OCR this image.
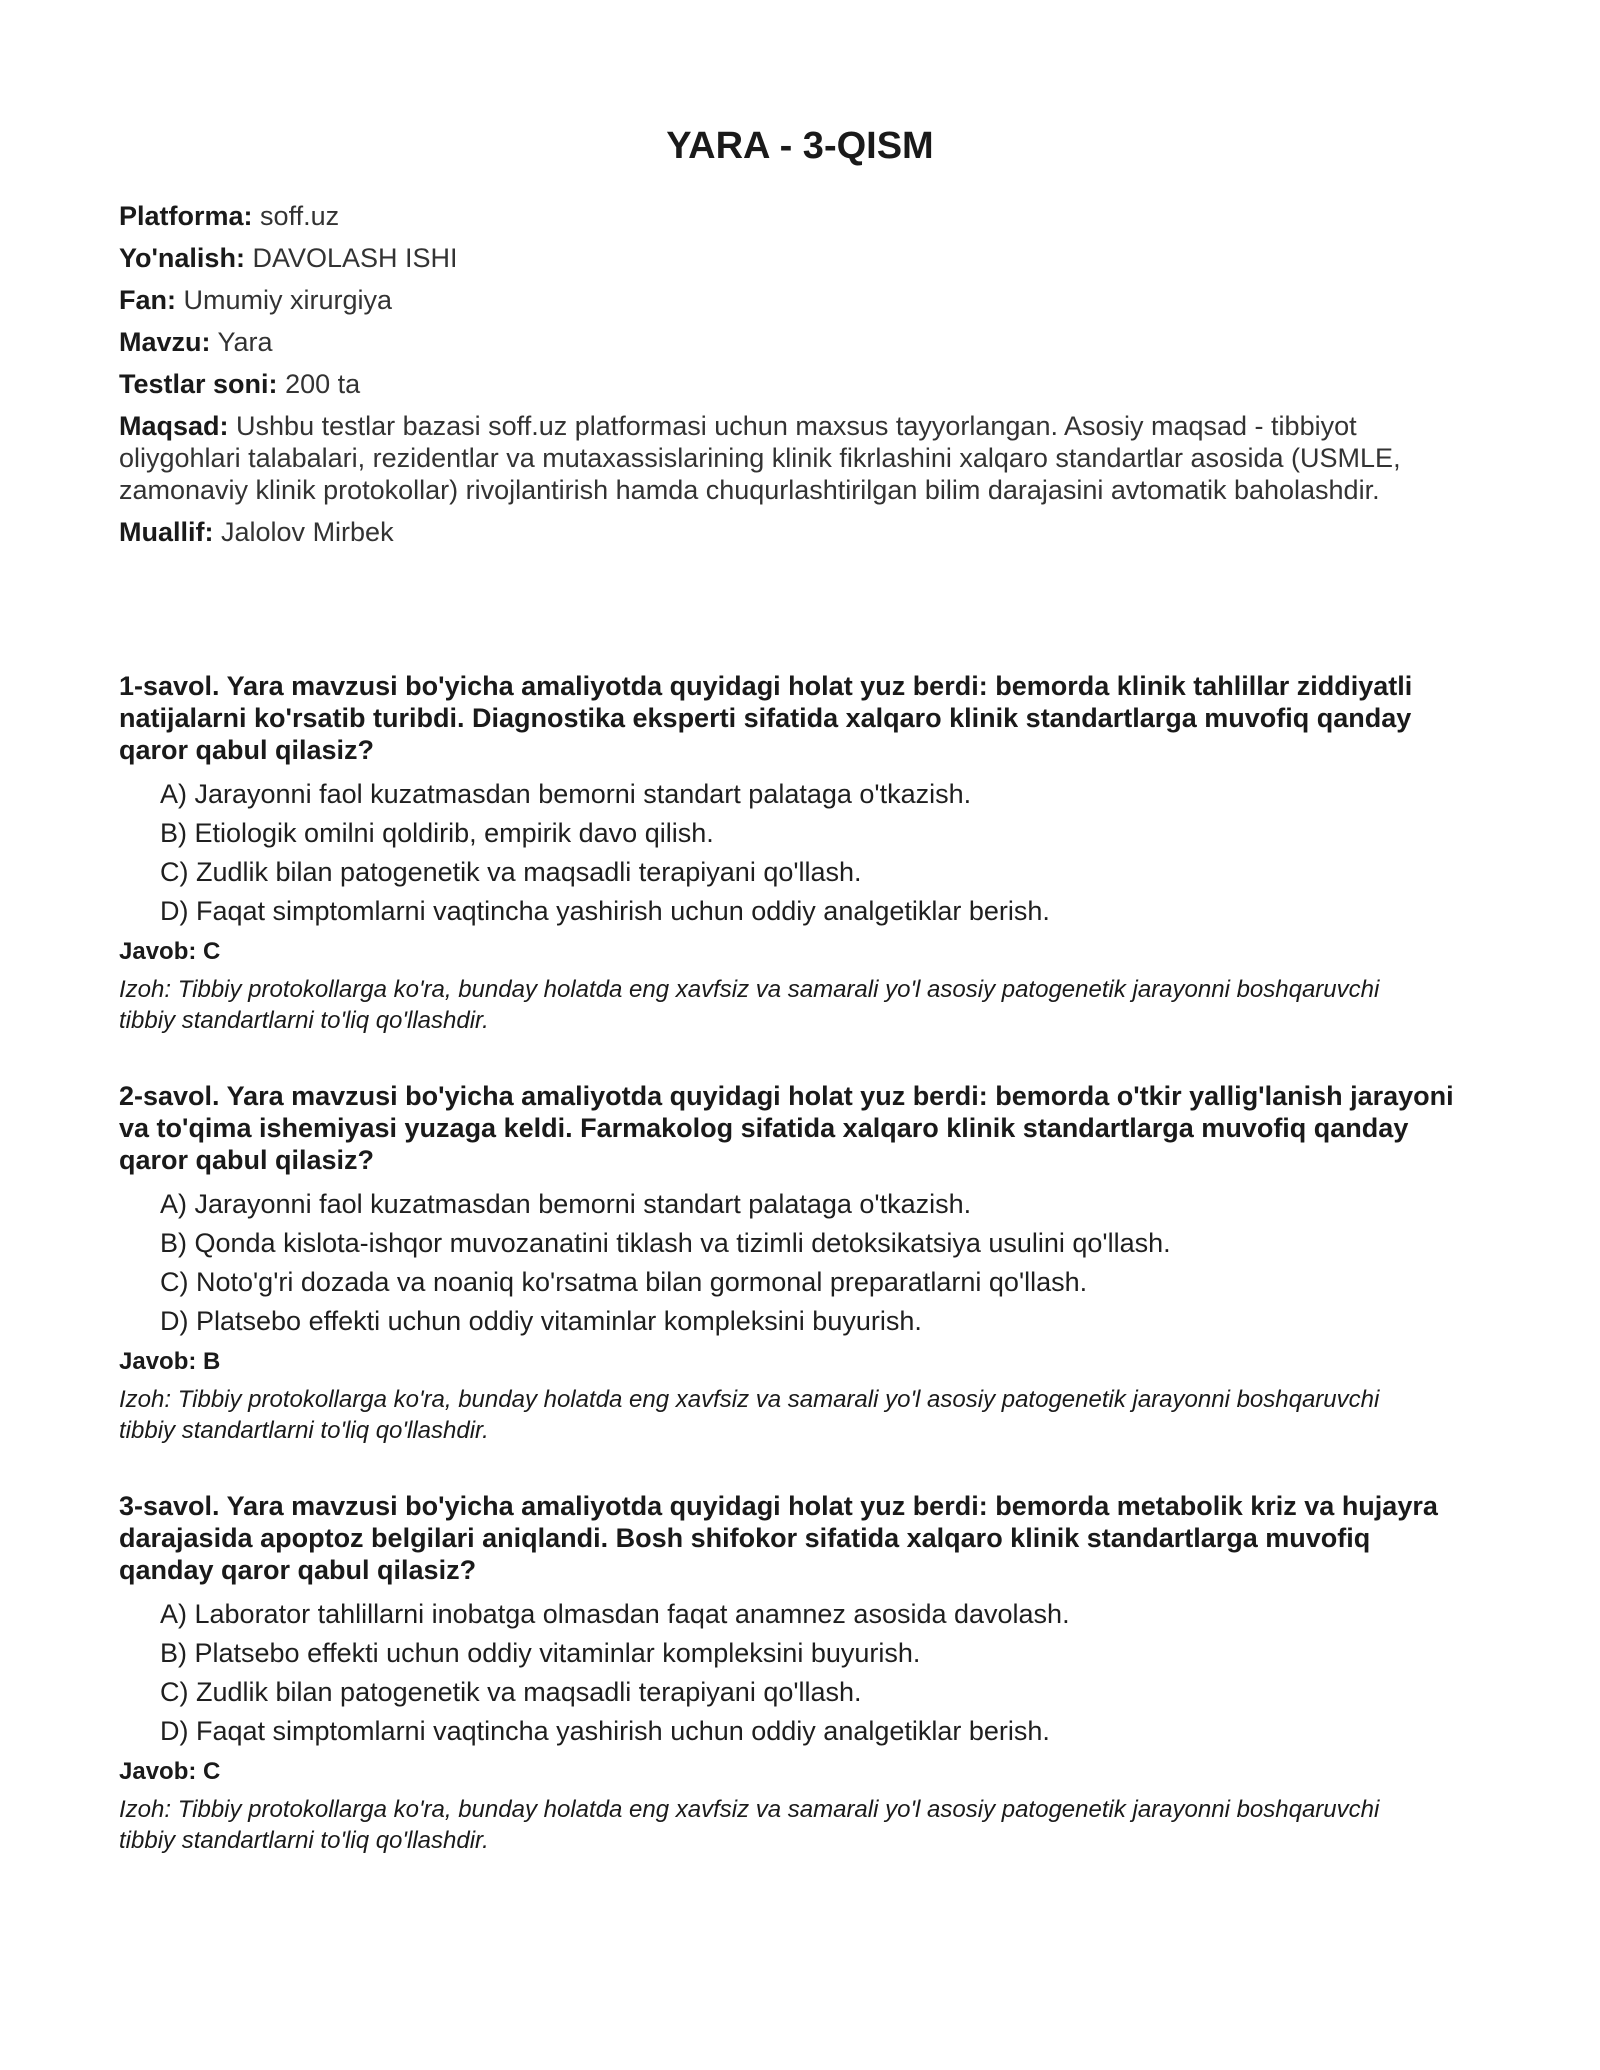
YARA - 3-QISM
Platforma: soff.uz
Yo'nalish: DAVOLASH ISHI
Fan: Umumiy xirurgiya
Mavzu: Yara
Testlar soni: 200 ta
Maqsad: Ushbu testlar bazasi soff.uz platformasi uchun maxsus tayyorlangan. Asosiy maqsad - tibbiyot oliygohlari talabalari, rezidentlar va mutaxassislarining klinik fikrlashini xalqaro standartlar asosida (USMLE, zamonaviy klinik protokollar) rivojlantirish hamda chuqurlashtirilgan bilim darajasini avtomatik baholashdir.
Muallif: Jalolov Mirbek

1-savol. Yara mavzusi bo'yicha amaliyotda quyidagi holat yuz berdi: bemorda klinik tahlillar ziddiyatli natijalarni ko'rsatib turibdi. Diagnostika eksperti sifatida xalqaro klinik standartlarga muvofiq qanday qaror qabul qilasiz?

A) Jarayonni faol kuzatmasdan bemorni standart palataga o'tkazish.
B) Etiologik omilni qoldirib, empirik davo qilish.
C) Zudlik bilan patogenetik va maqsadli terapiyani qo'llash.
D) Faqat simptomlarni vaqtincha yashirish uchun oddiy analgetiklar berish.
Javob: C
Izoh: Tibbiy protokollarga ko'ra, bunday holatda eng xavfsiz va samarali yo'l asosiy patogenetik jarayonni boshqaruvchi tibbiy standartlarni to'liq qo'llashdir.

2-savol. Yara mavzusi bo'yicha amaliyotda quyidagi holat yuz berdi: bemorda o'tkir yallig'lanish jarayoni va to'qima ishemiyasi yuzaga keldi. Farmakolog sifatida xalqaro klinik standartlarga muvofiq qanday qaror qabul qilasiz?

A) Jarayonni faol kuzatmasdan bemorni standart palataga o'tkazish.
B) Qonda kislota-ishqor muvozanatini tiklash va tizimli detoksikatsiya usulini qo'llash.
C) Noto'g'ri dozada va noaniq ko'rsatma bilan gormonal preparatlarni qo'llash.
D) Platsebo effekti uchun oddiy vitaminlar kompleksini buyurish.
Javob: B
Izoh: Tibbiy protokollarga ko'ra, bunday holatda eng xavfsiz va samarali yo'l asosiy patogenetik jarayonni boshqaruvchi tibbiy standartlarni to'liq qo'llashdir.

3-savol. Yara mavzusi bo'yicha amaliyotda quyidagi holat yuz berdi: bemorda metabolik kriz va hujayra darajasida apoptoz belgilari aniqlandi. Bosh shifokor sifatida xalqaro klinik standartlarga muvofiq qanday qaror qabul qilasiz?

A) Laborator tahlillarni inobatga olmasdan faqat anamnez asosida davolash.
B) Platsebo effekti uchun oddiy vitaminlar kompleksini buyurish.
C) Zudlik bilan patogenetik va maqsadli terapiyani qo'llash.
D) Faqat simptomlarni vaqtincha yashirish uchun oddiy analgetiklar berish.
Javob: C
Izoh: Tibbiy protokollarga ko'ra, bunday holatda eng xavfsiz va samarali yo'l asosiy patogenetik jarayonni boshqaruvchi tibbiy standartlarni to'liq qo'llashdir.
